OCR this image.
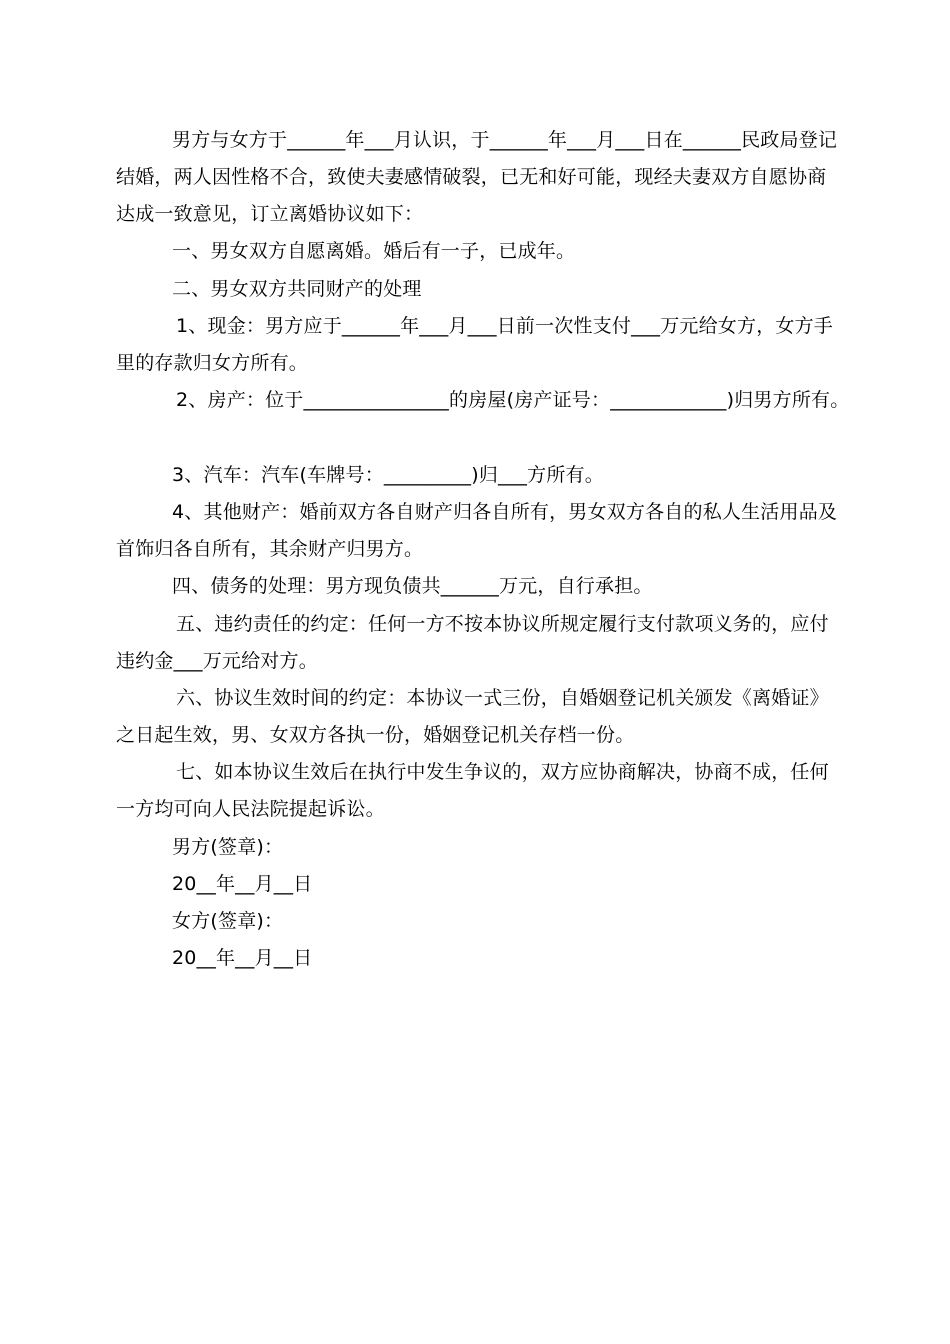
男方与女方于______年___月认识，于______年___月___日在______民政局登记
结婚，两人因性格不合，致使夫妻感情破裂，已无和好可能，现经夫妻双方自愿协商
达成一致意见，订立离婚协议如下：
一、男女双方自愿离婚。婚后有一子，已成年。
二、男女双方共同财产的处理
1、现金：男方应于______年___月___日前一次性支付___万元给女方，女方手
里的存款归女方所有。
2、房产：位于_______________的房屋(房产证号：____________)归男方所有。
3、汽车：汽车(车牌号：_________)归___方所有。
4、其他财产：婚前双方各自财产归各自所有，男女双方各自的私人生活用品及
首饰归各自所有，其余财产归男方。
四、债务的处理：男方现负债共______万元，自行承担。
五、违约责任的约定：任何一方不按本协议所规定履行支付款项义务的，应付
违约金___万元给对方。
六、协议生效时间的约定：本协议一式三份，自婚姻登记机关颁发《离婚证》
之日起生效，男、女双方各执一份，婚姻登记机关存档一份。
七、如本协议生效后在执行中发生争议的，双方应协商解决，协商不成，任何
一方均可向人民法院提起诉讼。
男方(签章)：
20__年__月__日
女方(签章)：
20__年__月__日
